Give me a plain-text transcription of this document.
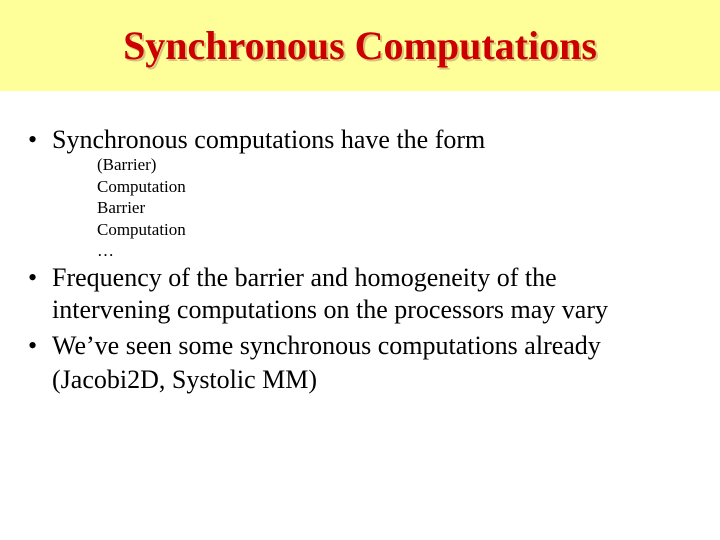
Synchronous Computations
• Synchronous computations have the form
(Barrier)
Computation
Barrier
Computation
…
• Frequency of the barrier and homogeneity of the
intervening computations on the processors may vary
• We’ve seen some synchronous computations already
(Jacobi2D, Systolic MM)
